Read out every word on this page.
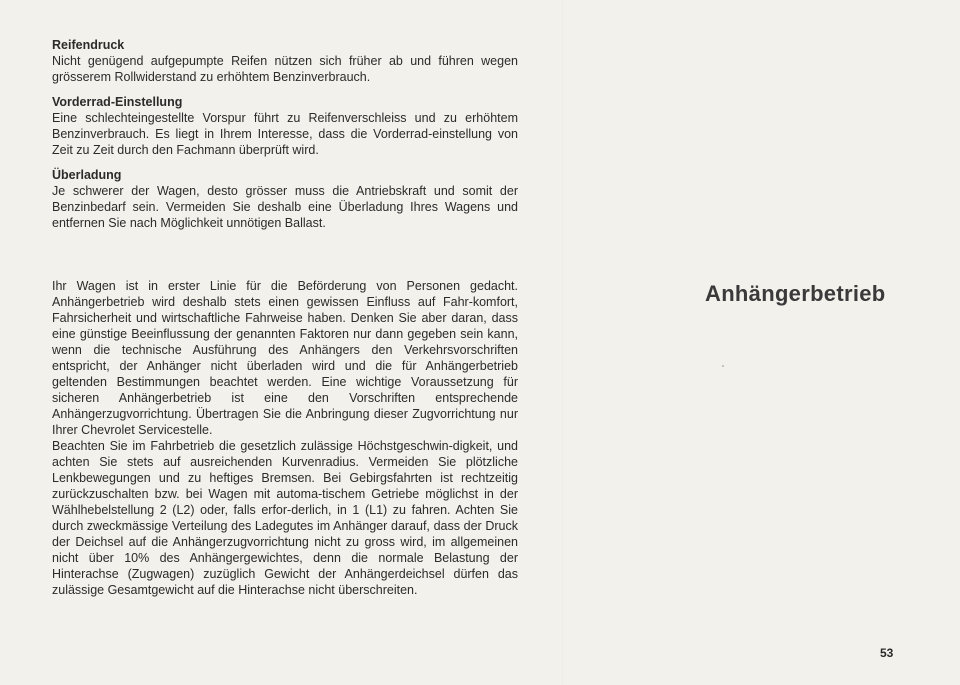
Reifendruck

Nicht genügend aufgepumpte Reifen nützen sich früher ab und führen wegen grösserem Rollwiderstand zu erhöhtem Benzinverbrauch.

Vorderrad-Einstellung

Eine schlechteingestellte Vorspur führt zu Reifenverschleiss und zu erhöhtem Benzinverbrauch. Es liegt in Ihrem Interesse, dass die Vorderrad-einstellung von Zeit zu Zeit durch den Fachmann überprüft wird.

Überladung

Je schwerer der Wagen, desto grösser muss die Antriebskraft und somit der Benzinbedarf sein. Vermeiden Sie deshalb eine Überladung Ihres Wagens und entfernen Sie nach Möglichkeit unnötigen Ballast.

Ihr Wagen ist in erster Linie für die Beförderung von Personen gedacht. Anhängerbetrieb wird deshalb stets einen gewissen Einfluss auf Fahr-komfort, Fahrsicherheit und wirtschaftliche Fahrweise haben. Denken Sie aber daran, dass eine günstige Beeinflussung der genannten Faktoren nur dann gegeben sein kann, wenn die technische Ausführung des Anhängers den Verkehrsvorschriften entspricht, der Anhänger nicht überladen wird und die für Anhängerbetrieb geltenden Bestimmungen beachtet werden. Eine wichtige Voraussetzung für sicheren Anhängerbetrieb ist eine den Vorschriften entsprechende Anhängerzugvorrichtung. Übertragen Sie die Anbringung dieser Zugvorrichtung nur Ihrer Chevrolet Servicestelle.

Beachten Sie im Fahrbetrieb die gesetzlich zulässige Höchstgeschwin-digkeit, und achten Sie stets auf ausreichenden Kurvenradius. Vermeiden Sie plötzliche Lenkbewegungen und zu heftiges Bremsen. Bei Gebirgsfahrten ist rechtzeitig zurückzuschalten bzw. bei Wagen mit automa-tischem Getriebe möglichst in der Wählhebelstellung 2 (L2) oder, falls erfor-derlich, in 1 (L1) zu fahren. Achten Sie durch zweckmässige Verteilung des Ladegutes im Anhänger darauf, dass der Druck der Deichsel auf die Anhängerzugvorrichtung nicht zu gross wird, im allgemeinen nicht über 10% des Anhängergewichtes, denn die normale Belastung der Hinterachse (Zugwagen) zuzüglich Gewicht der Anhängerdeichsel dürfen das zulässige Gesamtgewicht auf die Hinterachse nicht überschreiten.

Anhängerbetrieb
53
